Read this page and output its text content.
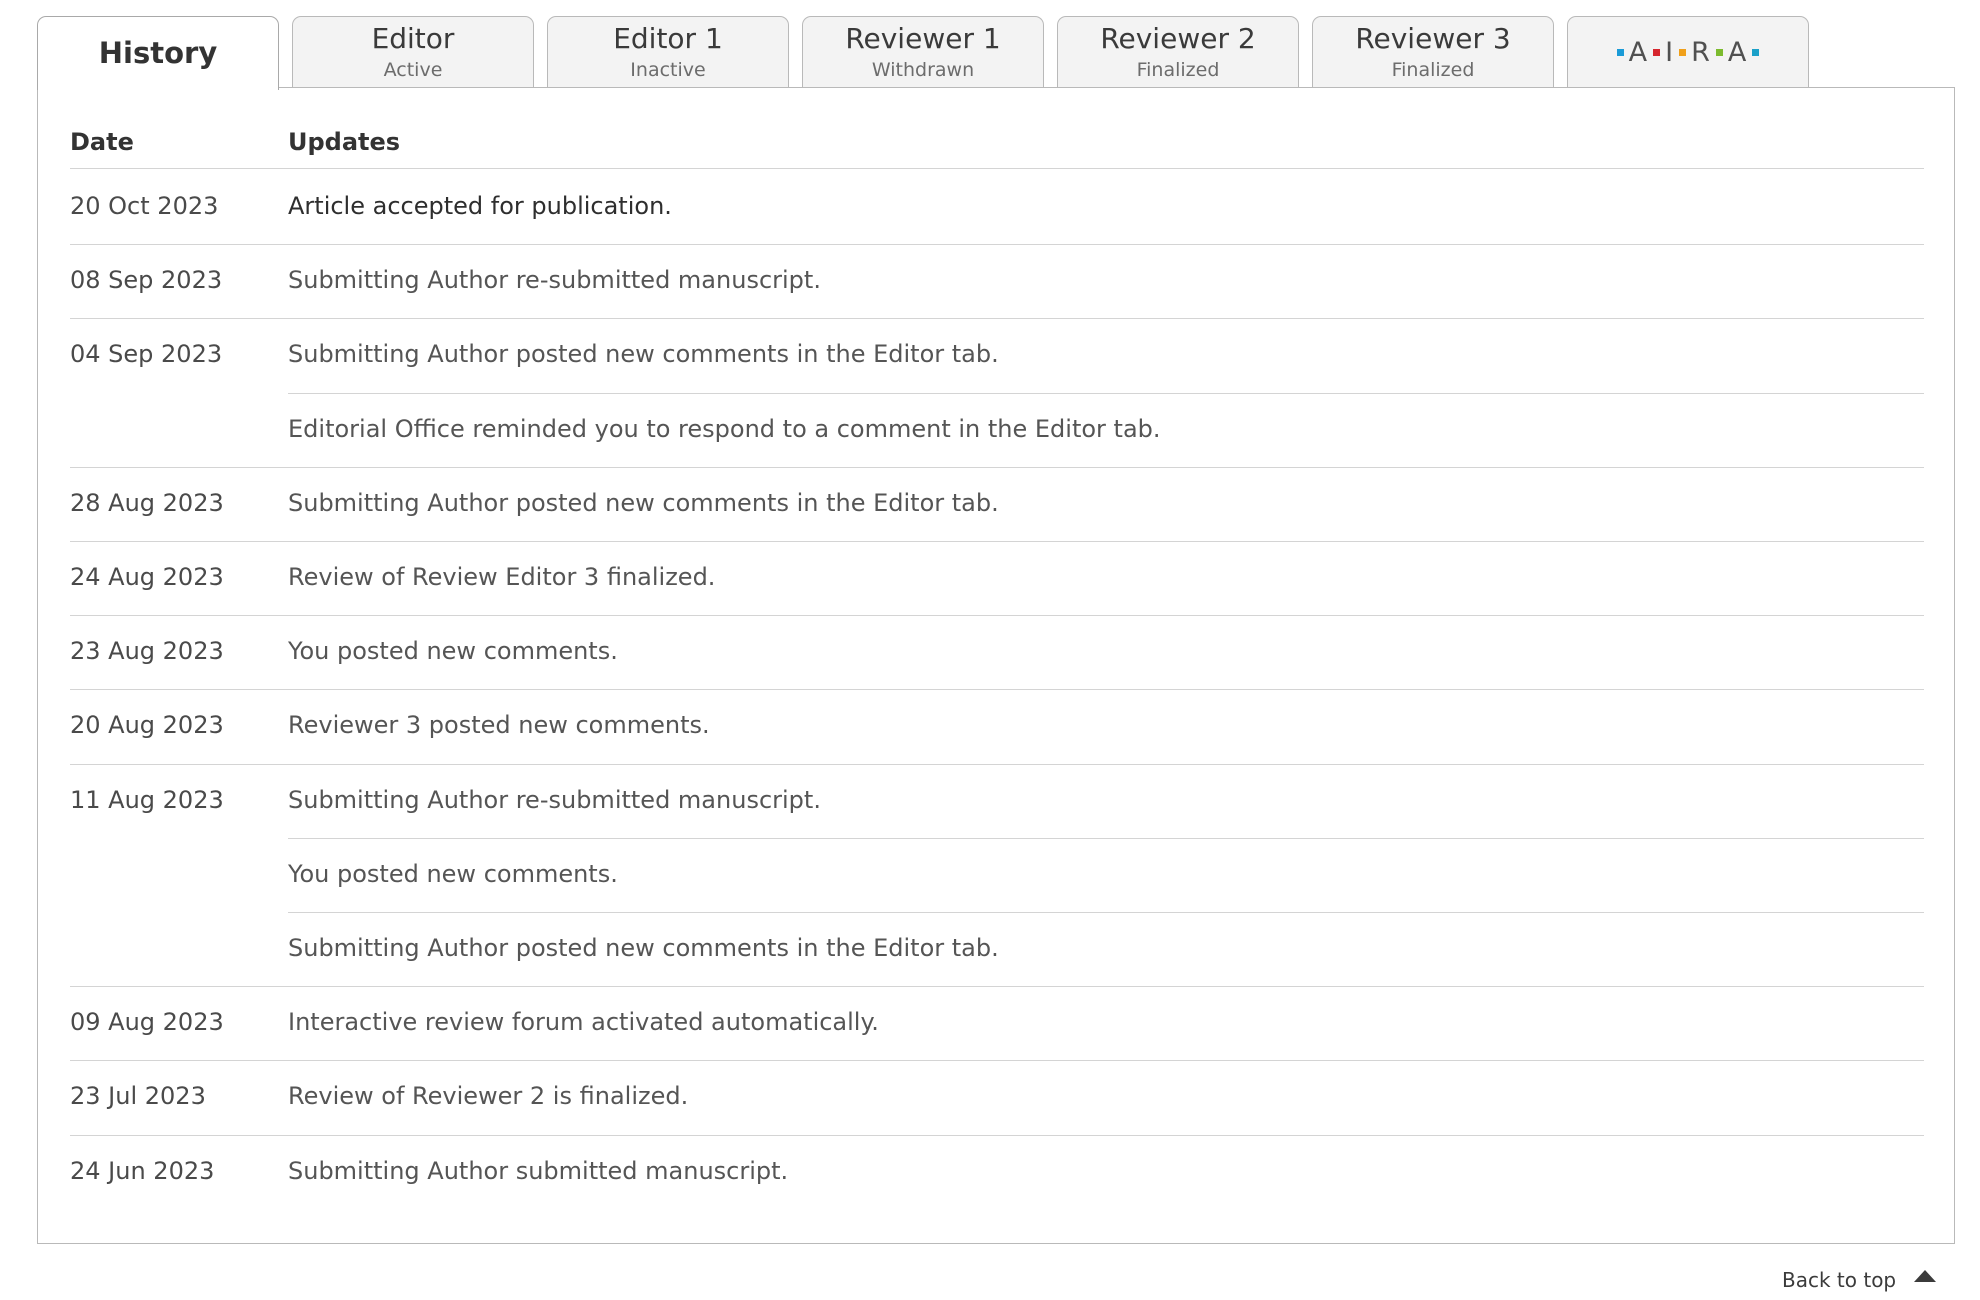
History	Editor
Active
Editor 1
Inactive
Reviewer 1
Withdrawn
Reviewer 2
Finalized
Reviewer 3
Finalized
A I R A
Date	Updates
20 Oct 2023	Article accepted for publication.
08 Sep 2023	Submitting Author re-submitted manuscript.
04 Sep 2023	Submitting Author posted new comments in the Editor tab.
Editorial Office reminded you to respond to a comment in the Editor tab.
28 Aug 2023	Submitting Author posted new comments in the Editor tab.
24 Aug 2023	Review of Review Editor 3 finalized.
23 Aug 2023	You posted new comments.
20 Aug 2023	Reviewer 3 posted new comments.
11 Aug 2023	Submitting Author re-submitted manuscript.
You posted new comments.
Submitting Author posted new comments in the Editor tab.
09 Aug 2023	Interactive review forum activated automatically.
23 Jul 2023	Review of Reviewer 2 is finalized.
24 Jun 2023	Submitting Author submitted manuscript.
Back to top
